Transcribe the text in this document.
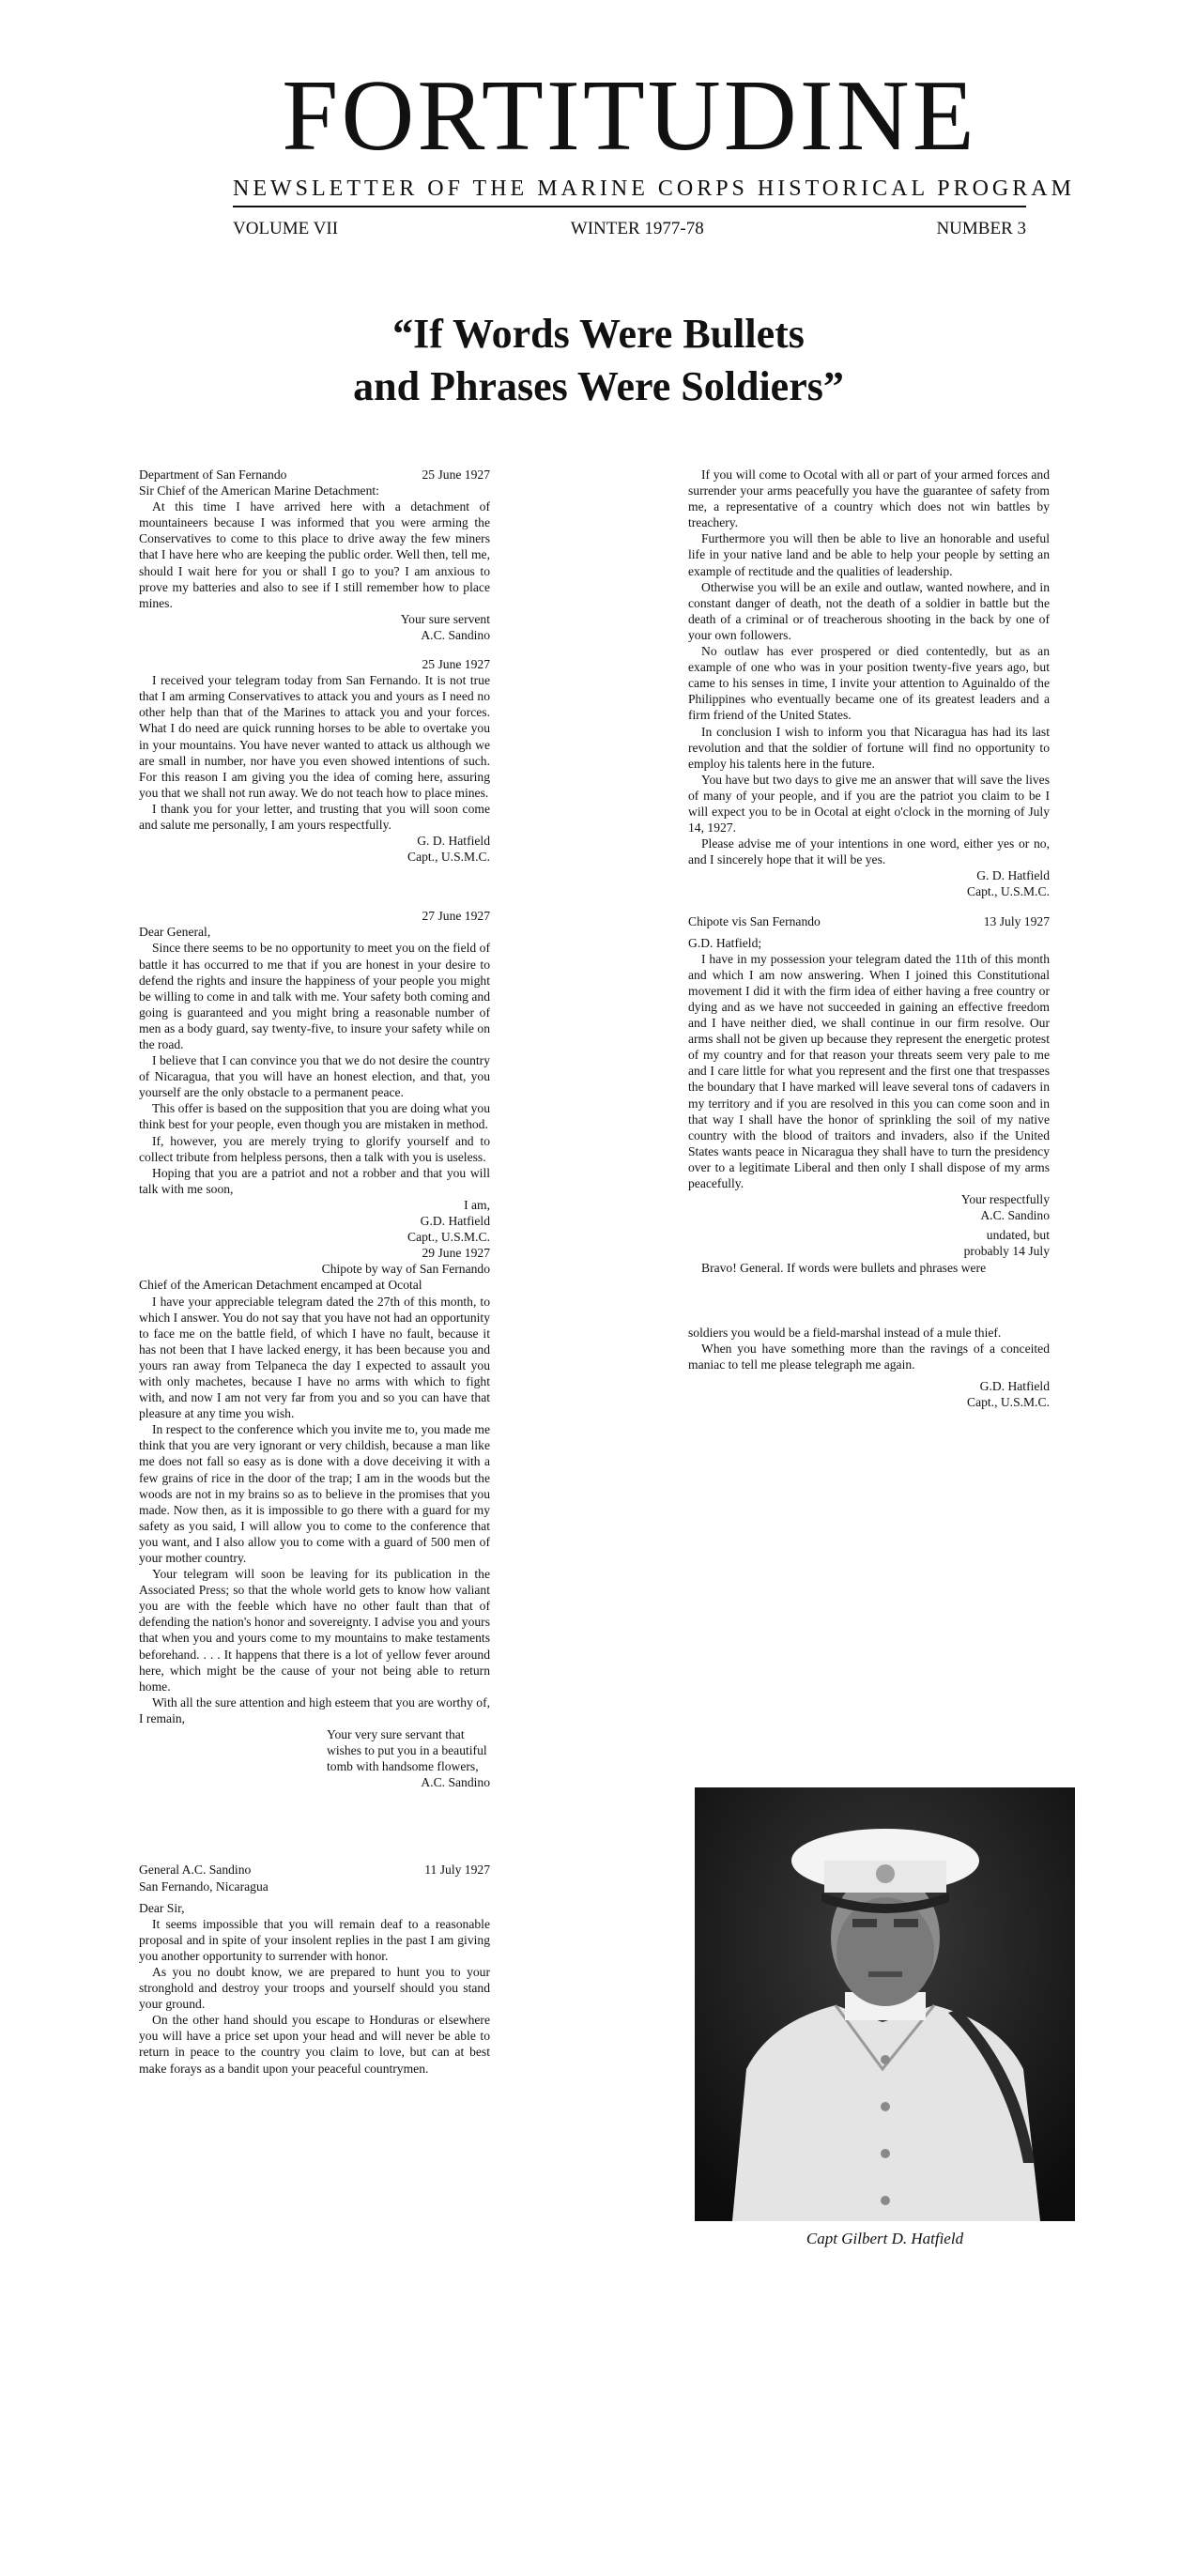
FORTITUDINE
NEWSLETTER OF THE MARINE CORPS HISTORICAL PROGRAM
VOLUME VII	WINTER 1977-78	NUMBER 3
“If Words Were Bullets
and Phrases Were Soldiers”
Department of San Fernando	25 June 1927

Sir Chief of the American Marine Detachment:

At this time I have arrived here with a detachment of mountaineers because I was informed that you were arming the Conservatives to come to this place to drive away the few miners that I have here who are keeping the public order. Well then, tell me, should I wait here for you or shall I go to you? I am anxious to prove my batteries and also to see if I still remember how to place mines.

Your sure servent
A.C. Sandino
25 June 1927

I received your telegram today from San Fernando. It is not true that I am arming Conservatives to attack you and yours as I need no other help than that of the Marines to attack you and your forces. What I do need are quick running horses to be able to overtake you in your mountains. You have never wanted to attack us although we are small in number, nor have you even showed intentions of such. For this reason I am giving you the idea of coming here, assuring you that we shall not run away. We do not teach how to place mines.

I thank you for your letter, and trusting that you will soon come and salute me personally, I am yours respectfully.

G. D. Hatfield
Capt., U.S.M.C.
27 June 1927

Dear General,

Since there seems to be no opportunity to meet you on the field of battle it has occurred to me that if you are honest in your desire to defend the rights and insure the happiness of your people you might be willing to come in and talk with me. Your safety both coming and going is guaranteed and you might bring a reasonable number of men as a body guard, say twenty-five, to insure your safety while on the road.

I believe that I can convince you that we do not desire the country of Nicaragua, that you will have an honest election, and that, you yourself are the only obstacle to a permanent peace.

This offer is based on the supposition that you are doing what you think best for your people, even though you are mistaken in method.

If, however, you are merely trying to glorify yourself and to collect tribute from helpless persons, then a talk with you is useless.

Hoping that you are a patriot and not a robber and that you will talk with me soon,

I am,
G.D. Hatfield
Capt., U.S.M.C.
29 June 1927
Chipote by way of San Fernando

Chief of the American Detachment encamped at Ocotal

I have your appreciable telegram dated the 27th of this month, to which I answer. You do not say that you have not had an opportunity to face me on the battle field, of which I have no fault, because it has not been that I have lacked energy, it has been because you and yours ran away from Telpaneca the day I expected to assault you with only machetes, because I have no arms with which to fight with, and now I am not very far from you and so you can have that pleasure at any time you wish.

In respect to the conference which you invite me to, you made me think that you are very ignorant or very childish, because a man like me does not fall so easy as is done with a dove deceiving it with a few grains of rice in the door of the trap; I am in the woods but the woods are not in my brains so as to believe in the promises that you made. Now then, as it is impossible to go there with a guard for my safety as you said, I will allow you to come to the conference that you want, and I also allow you to come with a guard of 500 men of your mother country.

Your telegram will soon be leaving for its publication in the Associated Press; so that the whole world gets to know how valiant you are with the feeble which have no other fault than that of defending the nation's honor and sovereignty. I advise you and yours that when you and yours come to my mountains to make testaments beforehand. . . . It happens that there is a lot of yellow fever around here, which might be the cause of your not being able to return home.

With all the sure attention and high esteem that you are worthy of, I remain,

Your very sure servant that wishes to put you in a beautiful tomb with handsome flowers,
A.C. Sandino
General A.C. Sandino	11 July 1927

San Fernando, Nicaragua

Dear Sir,

It seems impossible that you will remain deaf to a reasonable proposal and in spite of your insolent replies in the past I am giving you another opportunity to surrender with honor.

As you no doubt know, we are prepared to hunt you to your stronghold and destroy your troops and yourself should you stand your ground.

On the other hand should you escape to Honduras or elsewhere you will have a price set upon your head and will never be able to return in peace to the country you claim to love, but can at best make forays as a bandit upon your peaceful countrymen.

If you will come to Ocotal with all or part of your armed forces and surrender your arms peacefully you have the guarantee of safety from me, a representative of a country which does not win battles by treachery.

Furthermore you will then be able to live an honorable and useful life in your native land and be able to help your people by setting an example of rectitude and the qualities of leadership.

Otherwise you will be an exile and outlaw, wanted nowhere, and in constant danger of death, not the death of a soldier in battle but the death of a criminal or of treacherous shooting in the back by one of your own followers.

No outlaw has ever prospered or died contentedly, but as an example of one who was in your position twenty-five years ago, but came to his senses in time, I invite your attention to Aguinaldo of the Philippines who eventually became one of its greatest leaders and a firm friend of the United States.

In conclusion I wish to inform you that Nicaragua has had its last revolution and that the soldier of fortune will find no opportunity to employ his talents here in the future.

You have but two days to give me an answer that will save the lives of many of your people, and if you are the patriot you claim to be I will expect you to be in Ocotal at eight o'clock in the morning of July 14, 1927.

Please advise me of your intentions in one word, either yes or no, and I sincerely hope that it will be yes.

G. D. Hatfield
Capt., U.S.M.C.
Chipote vis San Fernando	13 July 1927

G.D. Hatfield;

I have in my possession your telegram dated the 11th of this month and which I am now answering. When I joined this Constitutional movement I did it with the firm idea of either having a free country or dying and as we have not succeeded in gaining an effective freedom and I have neither died, we shall continue in our firm resolve. Our arms shall not be given up because they represent the energetic protest of my country and for that reason your threats seem very pale to me and I care little for what you represent and the first one that trespasses the boundary that I have marked will leave several tons of cadavers in my territory and if you are resolved in this you can come soon and in that way I shall have the honor of sprinkling the soil of my native country with the blood of traitors and invaders, also if the United States wants peace in Nicaragua they shall have to turn the presidency over to a legitimate Liberal and then only I shall dispose of my arms peacefully.

Your respectfully
A.C. Sandino
undated, but
probably 14 July

Bravo! General. If words were bullets and phrases were

soldiers you would be a field-marshal instead of a mule thief.

When you have something more than the ravings of a conceited maniac to tell me please telegraph me again.

G.D. Hatfield
Capt., U.S.M.C.
Capt Gilbert D. Hatfield
